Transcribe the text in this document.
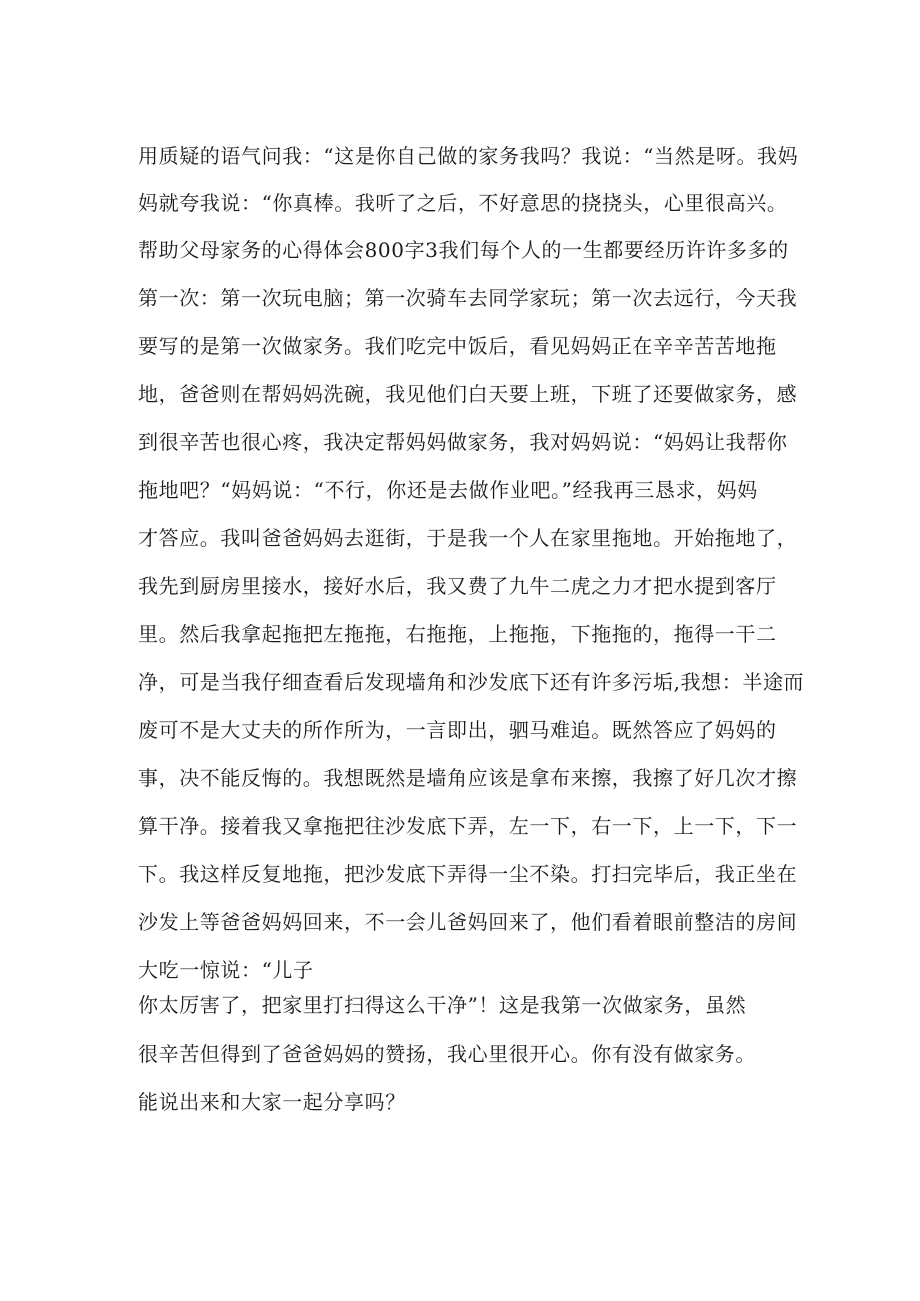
用质疑的语气问我：“这是你自己做的家务我吗？我说：“当然是呀。我妈
妈就夸我说：“你真棒。我听了之后，不好意思的挠挠头，心里很高兴。
帮助父母家务的心得体会800字3我们每个人的一生都要经历许许多多的
第一次：第一次玩电脑；第一次骑车去同学家玩；第一次去远行，今天我
要写的是第一次做家务。我们吃完中饭后，看见妈妈正在辛辛苦苦地拖
地，爸爸则在帮妈妈洗碗，我见他们白天要上班，下班了还要做家务，感
到很辛苦也很心疼，我决定帮妈妈做家务，我对妈妈说：“妈妈让我帮你
拖地吧？“妈妈说：“不行，你还是去做作业吧。”经我再三恳求，妈妈
才答应。我叫爸爸妈妈去逛街，于是我一个人在家里拖地。开始拖地了，
我先到厨房里接水，接好水后，我又费了九牛二虎之力才把水提到客厅
里。然后我拿起拖把左拖拖，右拖拖，上拖拖，下拖拖的，拖得一干二
净，可是当我仔细查看后发现墙角和沙发底下还有许多污垢,我想：半途而
废可不是大丈夫的所作所为，一言即出，驷马难追。既然答应了妈妈的
事，决不能反悔的。我想既然是墙角应该是拿布来擦，我擦了好几次才擦
算干净。接着我又拿拖把往沙发底下弄，左一下，右一下，上一下，下一
下。我这样反复地拖，把沙发底下弄得一尘不染。打扫完毕后，我正坐在
沙发上等爸爸妈妈回来，不一会儿爸妈回来了，他们看着眼前整洁的房间
大吃一惊说：“儿子
你太厉害了，把家里打扫得这么干净”！这是我第一次做家务，虽然
很辛苦但得到了爸爸妈妈的赞扬，我心里很开心。你有没有做家务。
能说出来和大家一起分享吗？
